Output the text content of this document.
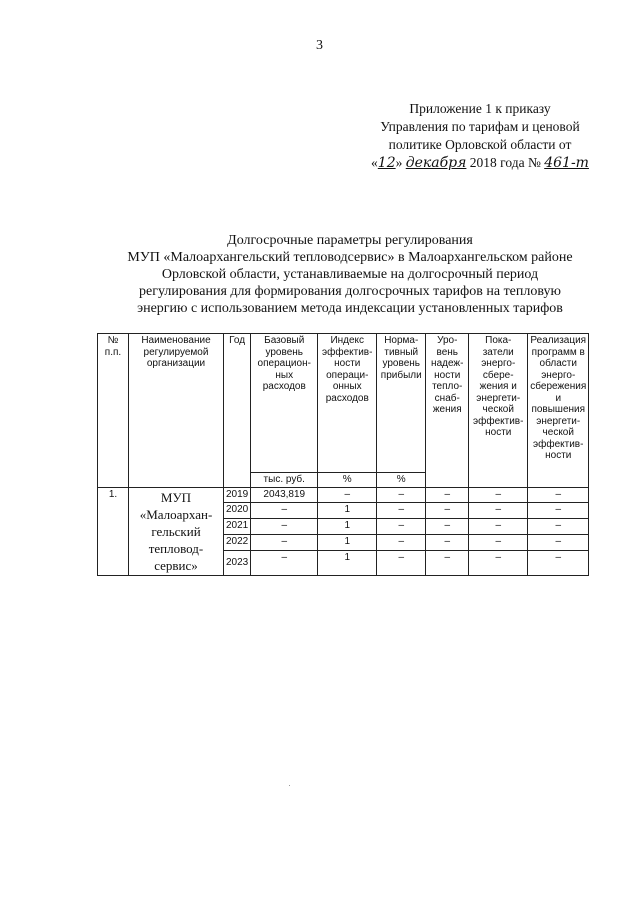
3
Приложение 1 к приказу
Управления по тарифам и ценовой
политике Орловской области от
«12» декабря 2018 года № 461-т
Долгосрочные параметры регулирования
МУП «Малоархангельский тепловодсервис» в Малоархангельском районе
Орловской области, устанавливаемые на долгосрочный период
регулирования для формирования долгосрочных тарифов на тепловую
энергию с использованием метода индексации установленных тарифов
№ п.п.	Наименование регулируемой организации	Год	Базовый уровень операцион-ных расходов	Индекс эффектив-ности операци-онных расходов	Норма-тивный уровень прибыли	Уро-вень надеж-ности тепло-снаб-жения	Пока-затели энерго-сбере-жения и энергети-ческой эффектив-ности	Реализация программ в области энерго-сбережения и повышения энергети-ческой эффектив-ности
			тыс. руб.	%	%			
1.	МУП «Малоархан-гельский тепловод-сервис»	2019	2043,819	–	–	–	–	–
		2020	–	1	–	–	–	–
		2021	–	1	–	–	–	–
		2022	–	1	–	–	–	–
		2023	–	1	–	–	–	–
